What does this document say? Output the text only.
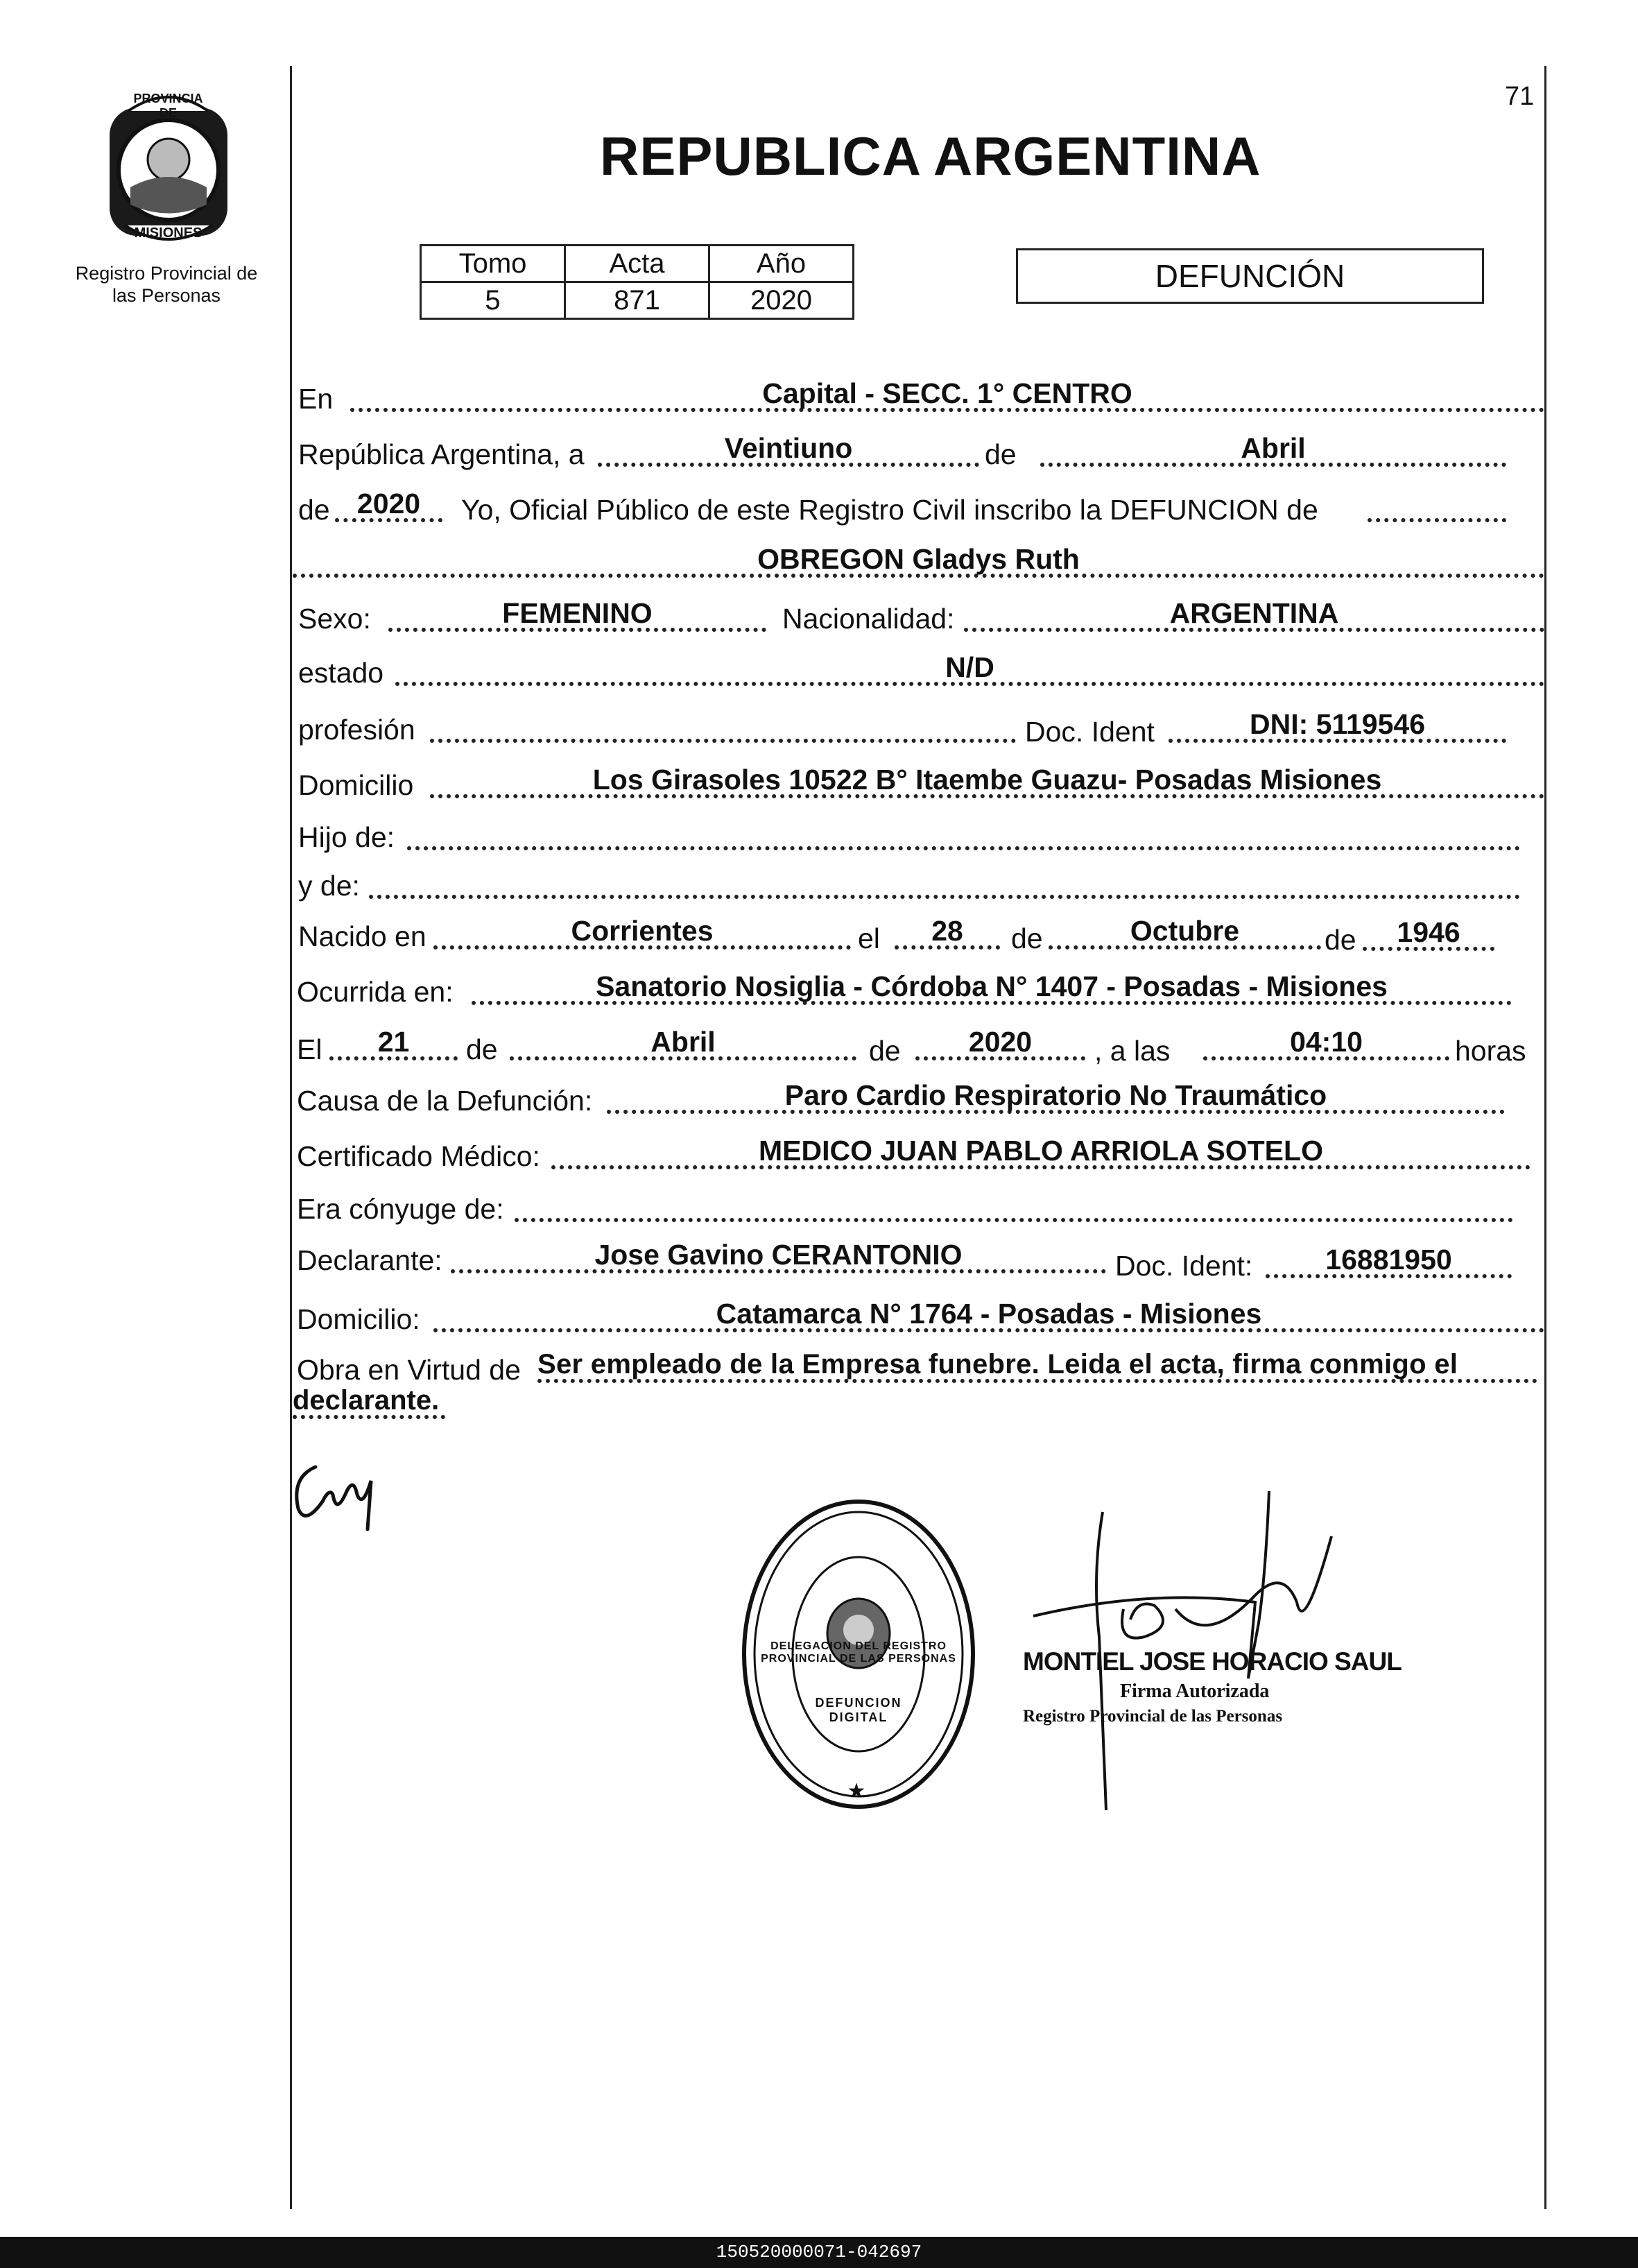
PROVINCIA DE
MISIONES
Registro Provincial de
las Personas
71
REPUBLICA ARGENTINA
Tomo	Acta	Año
5	871	2020
DEFUNCIÓN
En	Capital - SECC. 1° CENTRO
República Argentina, a	Veintiuno	de	Abril
de 2020	Yo, Oficial Público de este Registro Civil inscribo la DEFUNCION de
OBREGON Gladys Ruth
Sexo:	FEMENINO	Nacionalidad:	ARGENTINA
estado	N/D
profesión	Doc. Ident	DNI: 5119546
Domicilio	Los Girasoles 10522 B° Itaembe Guazu- Posadas Misiones
Hijo de:
y de:
Nacido en	Corrientes	el	28	de	Octubre	de	1946
Ocurrida en:	Sanatorio Nosiglia - Córdoba N° 1407 - Posadas - Misiones
El	21	de	Abril	de	2020	, a las	04:10	horas
Causa de la Defunción:	Paro Cardio Respiratorio No Traumático
Certificado Médico:	MEDICO JUAN PABLO ARRIOLA SOTELO
Era cónyuge de:
Declarante:	Jose Gavino CERANTONIO	Doc. Ident:	16881950
Domicilio:	Catamarca N° 1764 - Posadas - Misiones
Obra en Virtud de Ser empleado de la Empresa funebre. Leida el acta, firma conmigo el
declarante.
★
DELEGACION DEL REGISTRO PROVINCIAL DE LAS PERSONAS
DEFUNCION DIGITAL
MONTIEL JOSE HORACIO SAUL
Firma Autorizada
Registro Provincial de las Personas
150520000071-042697
